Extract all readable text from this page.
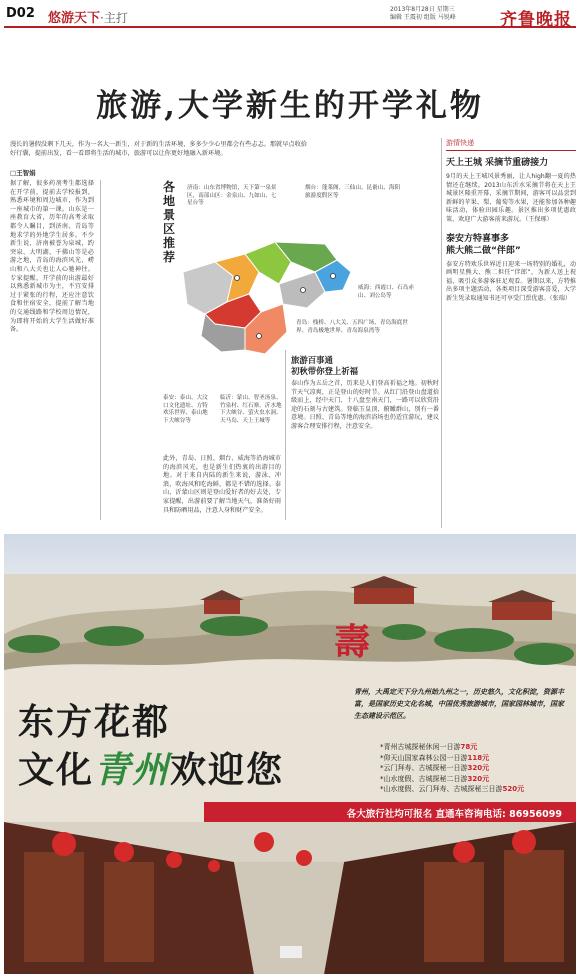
D02 悠游天下·主打
2013年8月28日 星期三
编辑 王震初 组版 马锐峰	齐鲁晚报
旅游,大学新生的开学礼物
漫长的暑假没剩下几天，作为一名大一新生，对于新的生活环境，多多少少心里都会有些忐忑。那就早点收拾好行囊，提前出发，看一看即将生活的城市，旅游可以让你更好地融入新环境。
□王智娟
据了解，很多药剂考生都选择在开学前，提前去学校报到，熟悉环境和周边城市，作为到一座城市的第一课。山东是一座教育大省，历年的高考录取都令人瞩目，到济南、青岛等地求学的外地学生居多。不少新生说，济南被誉为泉城，趵突泉、大明湖、千佛山等是必游之地，青岛的海滨风光、崂山和八大关也让人心驰神往。专家提醒，开学前的出游最好以熟悉新城市为主，不宜安排过于紧张的行程，还应注意饮食和住宿安全，提前了解当地的交通线路和学校周边情况，为即将开始的大学生活做好准备。
各地景区推荐
济南：山东省博物馆，天下第一泉景区，南部山区：金泉山、九如山、七星台等
烟台：蓬莱阁、三仙山、昆嵛山、海阳旅游度假区等
威海：西霞口、石岛赤山、刘公岛等
青岛：栈桥、八大关、五四广场、青岛海底世界、青岛极地世界、青岛海泉湾等
泰安：泰山、大汶口文化遗址、方特欢乐世界、泰山地下大峡谷等
临沂：蒙山、智圣汤泉、竹泉村、红石寨、沂水地下大峡谷、萤火虫水洞、天马岛、天上王城等
此外，青岛、日照、烟台、威海等沿海城市的海滨风光，也是新生们热衷的出游目的地。对于来自内陆的新生来说，游泳、冲浪、吹海风和吃海鲜，都是不错的选择。泰山、沂蒙山区则是登山爱好者的好去处，专家提醒，出游前要了解当地天气，准备好雨具和防晒用品，注意人身和财产安全。
旅游百事通
初秋带你登上祈福
泰山作为五岳之首，历来是人们登高祈福之地。初秋时节天气凉爽，正是登山的好时节。从红门沿登山盘道拾级而上，经中天门、十八盘至南天门，一路可以欣赏沿途的石刻与古建筑。登临玉皇顶，俯瞰群山，别有一番意境。日照、青岛等地的海滨浴场也仍适宜游玩，建议游客合理安排行程，注意安全。
游情快递
天上王城 采摘节重磅接力
9月的天上王城风景秀丽，让人high翻一夏的热情还在继续。2013山东沂水采摘节将在天上王城景区隆重开幕，采摘节期间，游客可以品尝到新鲜的苹果、梨、葡萄等水果，还能参加各种趣味活动，体验田园乐趣。景区推出多项优惠政策，欢迎广大游客前来游玩。（王保琢）
泰安方特喜事多
熊大熊二做“伴郎”
泰安方特欢乐世界近日迎来一场特别的婚礼，动画明星熊大、熊二担任“伴郎”，为新人送上祝福，吸引众多游客驻足观看。暑期以来，方特推出多项主题活动，各类项目深受游客喜爱，大学新生凭录取通知书还可享受门票优惠。（张瑞）
壽
东方花都
文化青州欢迎您
青州，大禹定天下分九州始九州之一，历史悠久，文化积淀，资源丰富，是国家历史文化名城，中国优秀旅游城市，国家园林城市，国家生态建设示范区。
*青州古城探秘休闲一日游78元
*仰天山国家森林公园一日游118元
*云门拜寿、古城探秘一日游320元
*山水度假、古城探秘二日游320元
*山水度假、云门拜寿、古城探秘三日游520元
各大旅行社均可报名 直通车咨询电话: 86956099
